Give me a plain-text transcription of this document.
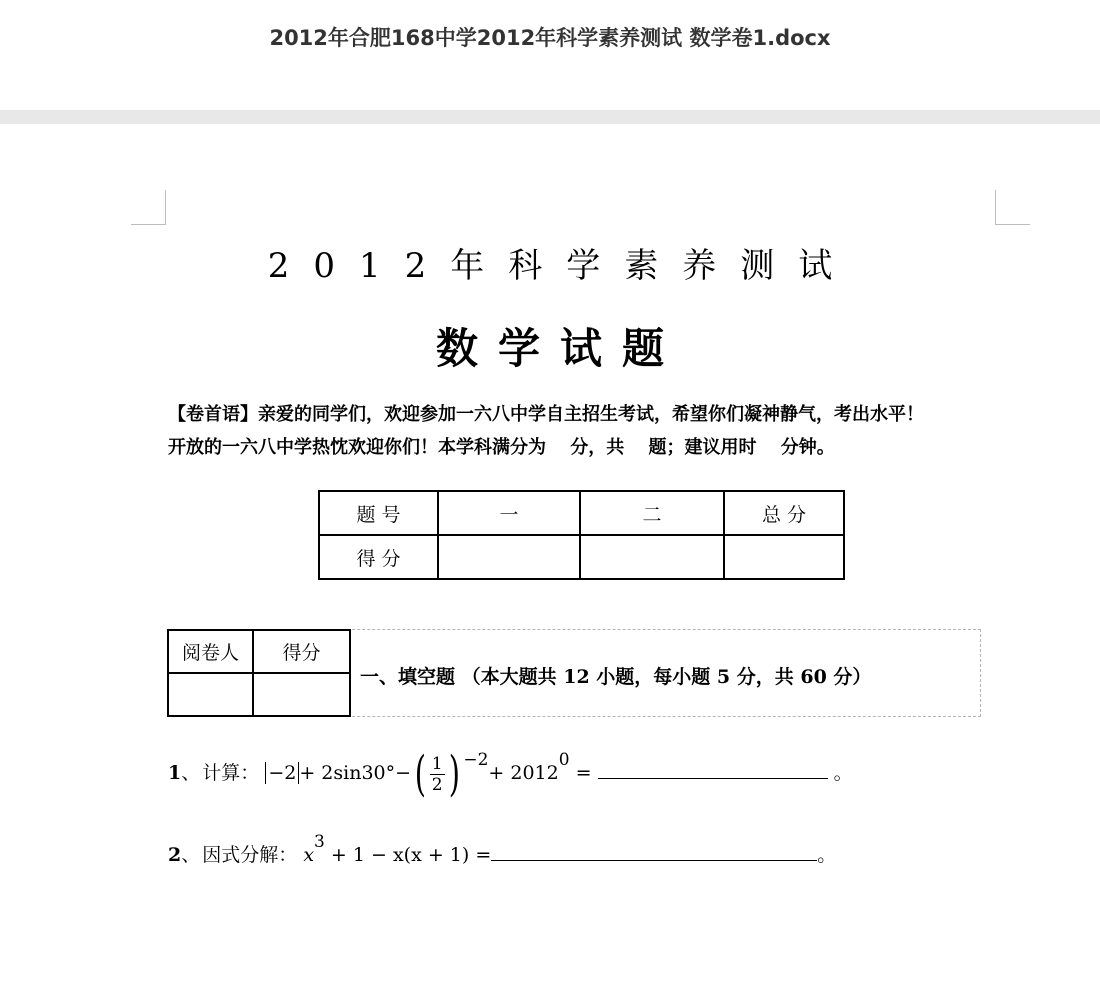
2012年合肥168中学2012年科学素养测试 数学卷1.docx
2012年科学素养测试
数学试题
【卷首语】亲爱的同学们，欢迎参加一六八中学自主招生考试，希望你们凝神静气，考出水平！
开放的一六八中学热忱欢迎你们！本学科满分为　 分，共　 题；建议用时　 分钟。
题 号	一	二	总 分
得 分			
阅卷人	得分

一、填空题 （本大题共 12 小题，每小题 5 分，共 60 分）
1、 计算： $-2 + 2\sin 30^\circ-( \frac{1}{2}$ ) −2+ 20120 =	。
2、 因式分解： x3 + 1 − x(x + 1) =	。
